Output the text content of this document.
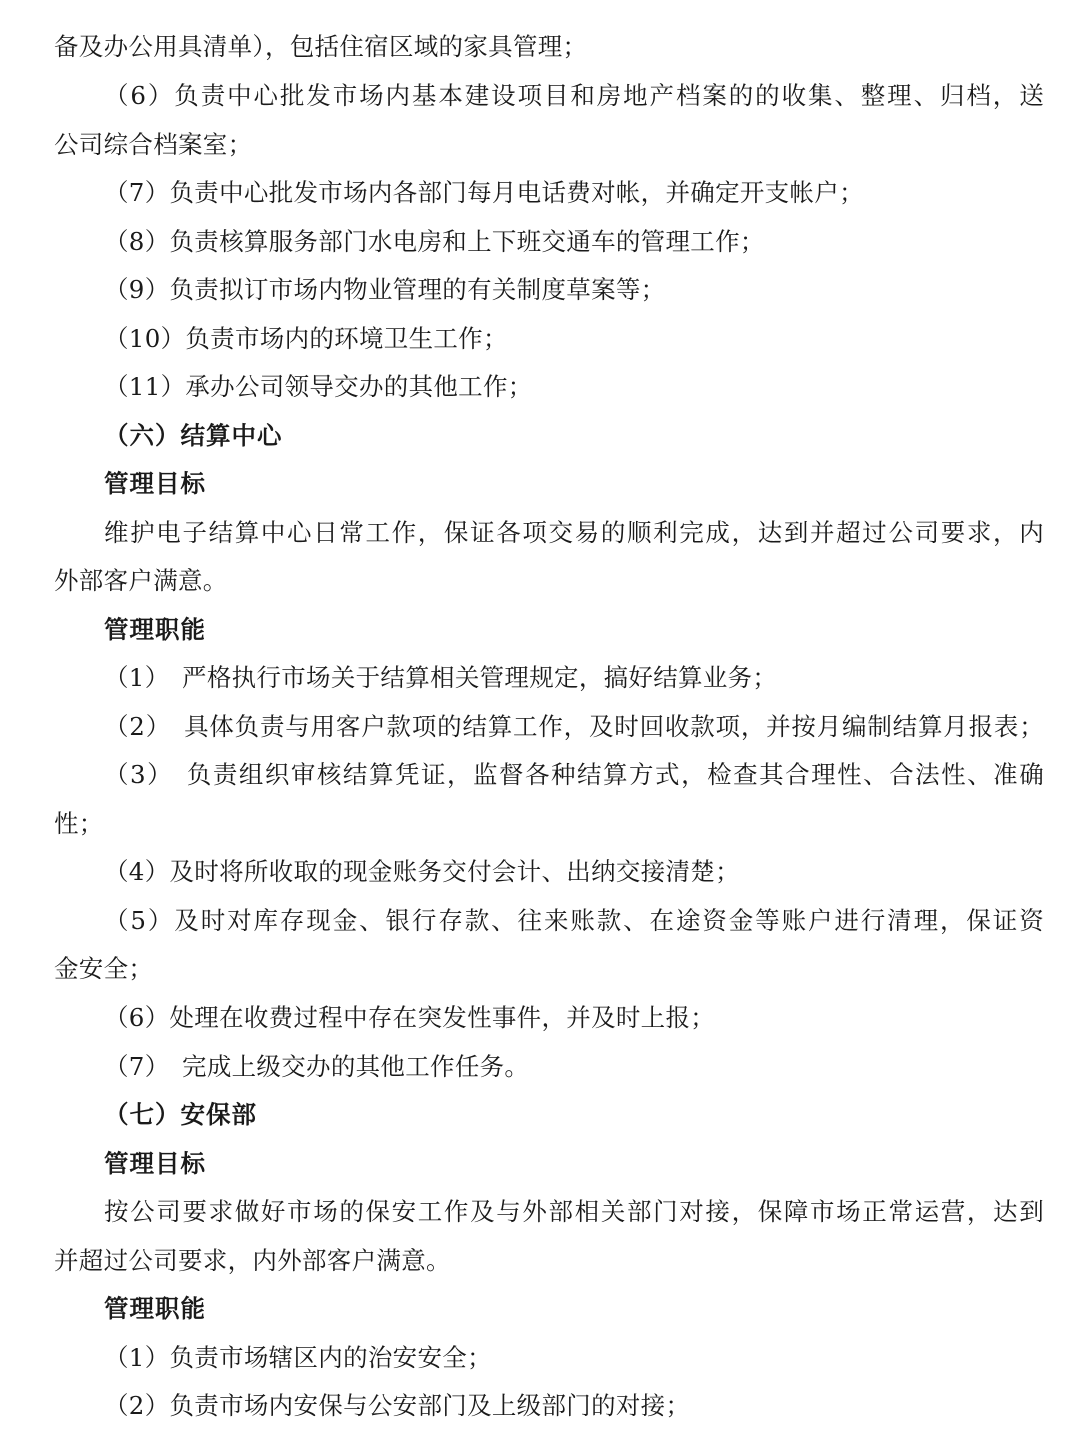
备及办公用具清单），包括住宿区域的家具管理；

（6）负责中心批发市场内基本建设项目和房地产档案的的收集、整理、归档，送

公司综合档案室；

（7）负责中心批发市场内各部门每月电话费对帐，并确定开支帐户；

（8）负责核算服务部门水电房和上下班交通车的管理工作；

（9）负责拟订市场内物业管理的有关制度草案等；

（10）负责市场内的环境卫生工作；

（11）承办公司领导交办的其他工作；

（六）结算中心

管理目标

维护电子结算中心日常工作，保证各项交易的顺利完成，达到并超过公司要求，内

外部客户满意。

管理职能

（1）　严格执行市场关于结算相关管理规定，搞好结算业务；

（2）　具体负责与用客户款项的结算工作，及时回收款项，并按月编制结算月报表；

（3）　负责组织审核结算凭证，监督各种结算方式，检查其合理性、合法性、准确

性；

（4）及时将所收取的现金账务交付会计、出纳交接清楚；

（5）及时对库存现金、银行存款、往来账款、在途资金等账户进行清理，保证资

金安全；

（6）处理在收费过程中存在突发性事件，并及时上报；

（7）　完成上级交办的其他工作任务。

（七）安保部

管理目标

按公司要求做好市场的保安工作及与外部相关部门对接，保障市场正常运营，达到

并超过公司要求，内外部客户满意。

管理职能

（1）负责市场辖区内的治安安全；

（2）负责市场内安保与公安部门及上级部门的对接；
